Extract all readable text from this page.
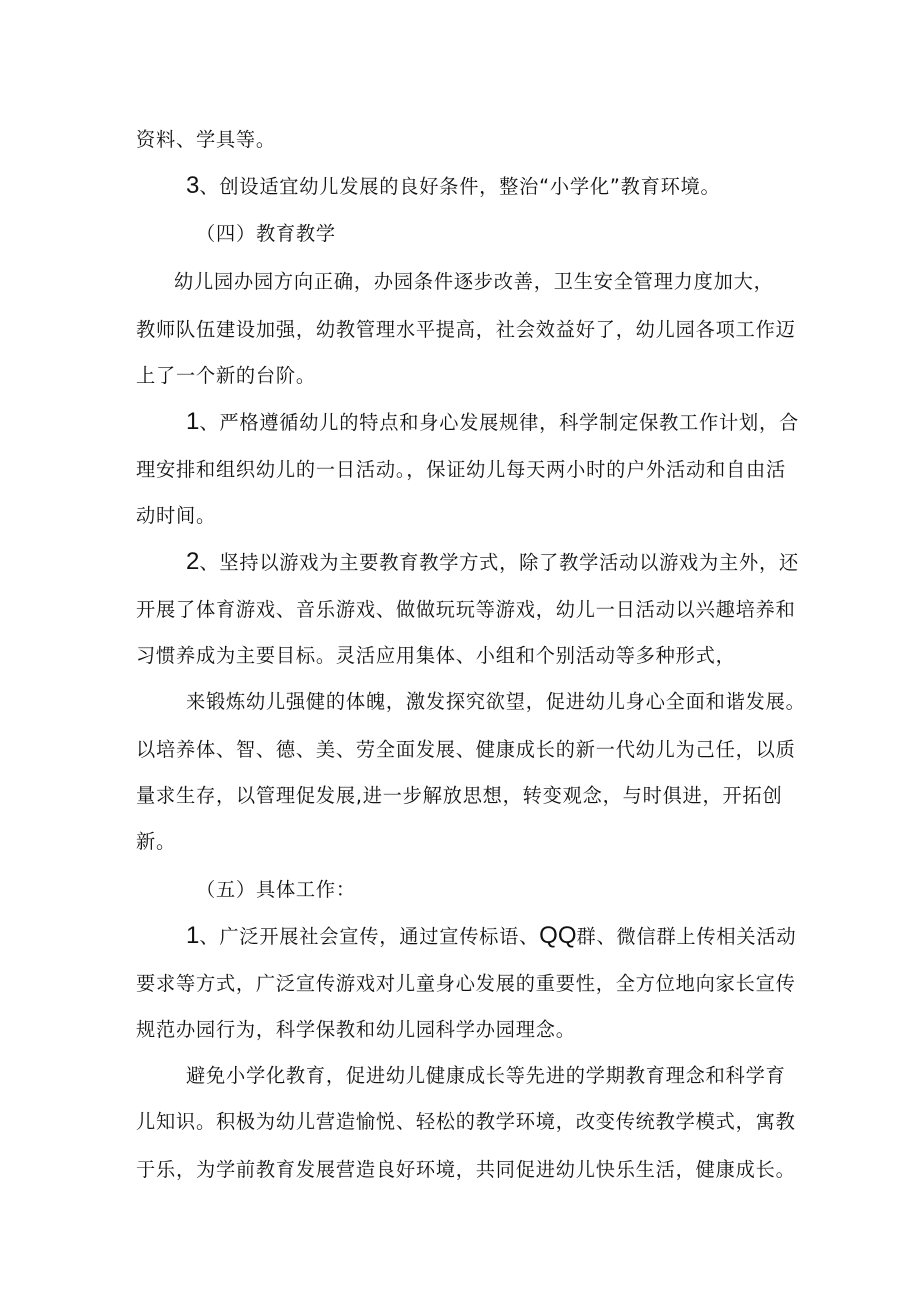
资料、学具等。
3、创设适宜幼儿发展的良好条件，整治“小学化”教育环境。
（四）教育教学
幼儿园办园方向正确，办园条件逐步改善，卫生安全管理力度加大，
教师队伍建设加强，幼教管理水平提高，社会效益好了，幼儿园各项工作迈
上了一个新的台阶。
1、严格遵循幼儿的特点和身心发展规律，科学制定保教工作计划，合
理安排和组织幼儿的一日活动。，保证幼儿每天两小时的户外活动和自由活
动时间。
2、坚持以游戏为主要教育教学方式，除了教学活动以游戏为主外，还
开展了体育游戏、音乐游戏、做做玩玩等游戏，幼儿一日活动以兴趣培养和
习惯养成为主要目标。灵活应用集体、小组和个别活动等多种形式，
来锻炼幼儿强健的体魄，激发探究欲望，促进幼儿身心全面和谐发展。
以培养体、智、德、美、劳全面发展、健康成长的新一代幼儿为己任，以质
量求生存，以管理促发展,进一步解放思想，转变观念，与时俱进，开拓创
新。
（五）具体工作：
1、广泛开展社会宣传，通过宣传标语、QQ群、微信群上传相关活动
要求等方式，广泛宣传游戏对儿童身心发展的重要性，全方位地向家长宣传
规范办园行为，科学保教和幼儿园科学办园理念。
避免小学化教育，促进幼儿健康成长等先进的学期教育理念和科学育
儿知识。积极为幼儿营造愉悦、轻松的教学环境，改变传统教学模式，寓教
于乐，为学前教育发展营造良好环境，共同促进幼儿快乐生活，健康成长。
